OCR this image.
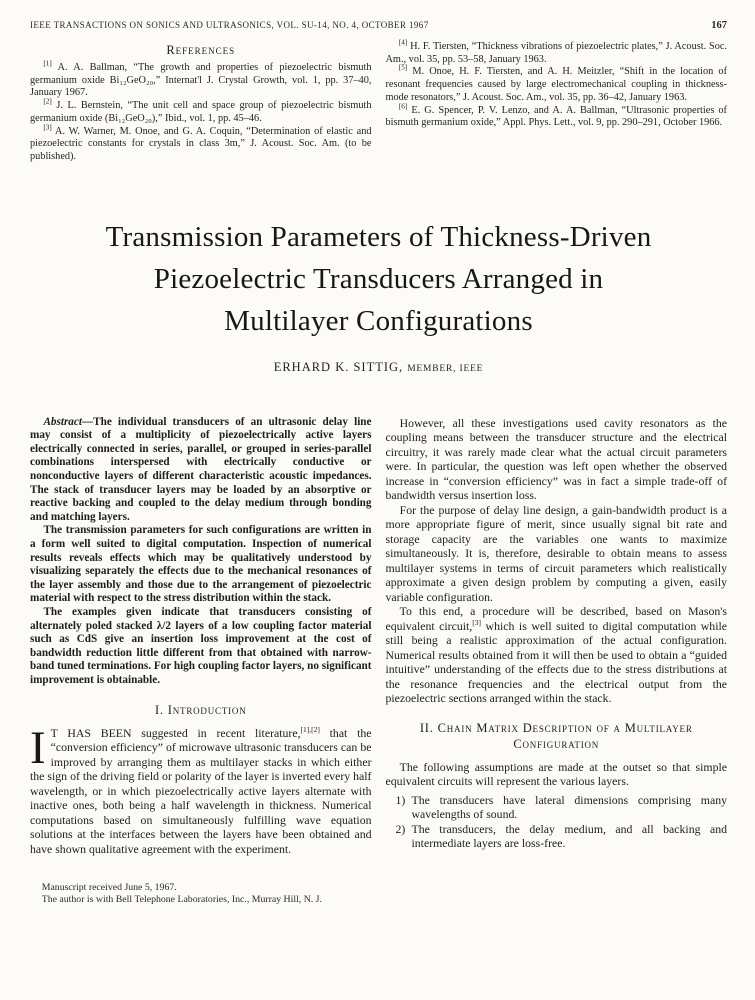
IEEE TRANSACTIONS ON SONICS AND ULTRASONICS, VOL. SU-14, NO. 4, OCTOBER 1967	167
References

[1] A. A. Ballman, “The growth and properties of piezoelectric bismuth germanium oxide Bi₁₂GeO₂₀,” Internat'l J. Crystal Growth, vol. 1, pp. 37–40, January 1967.

[2] J. L. Bernstein, “The unit cell and space group of piezoelectric bismuth germanium oxide (Bi₁₂GeO₂₀),” Ibid., vol. 1, pp. 45–46.

[3] A. W. Warner, M. Onoe, and G. A. Coquin, “Determination of elastic and piezoelectric constants for crystals in class 3m,” J. Acoust. Soc. Am. (to be published).

[4] H. F. Tiersten, “Thickness vibrations of piezoelectric plates,” J. Acoust. Soc. Am., vol. 35, pp. 53–58, January 1963.

[5] M. Onoe, H. F. Tiersten, and A. H. Meitzler, “Shift in the location of resonant frequencies caused by large electromechanical coupling in thickness-mode resonators,” J. Acoust. Soc. Am., vol. 35, pp. 36–42, January 1963.

[6] E. G. Spencer, P. V. Lenzo, and A. A. Ballman, “Ultrasonic properties of bismuth germanium oxide,” Appl. Phys. Lett., vol. 9, pp. 290–291, October 1966.

Transmission Parameters of Thickness-Driven
Piezoelectric Transducers Arranged in
Multilayer Configurations
ERHARD K. SITTIG, MEMBER, IEEE

Abstract—The individual transducers of an ultrasonic delay line may consist of a multiplicity of piezoelectrically active layers electrically connected in series, parallel, or grouped in series-parallel combinations interspersed with electrically conductive or nonconductive layers of different characteristic acoustic impedances. The stack of transducer layers may be loaded by an absorptive or reactive backing and coupled to the delay medium through bonding and matching layers.

The transmission parameters for such configurations are written in a form well suited to digital computation. Inspection of numerical results reveals effects which may be qualitatively understood by visualizing separately the effects due to the mechanical resonances of the layer assembly and those due to the arrangement of piezoelectric material with respect to the stress distribution within the stack.

The examples given indicate that transducers consisting of alternately poled stacked λ/2 layers of a low coupling factor material such as CdS give an insertion loss improvement at the cost of bandwidth reduction little different from that obtained with narrow-band tuned terminations. For high coupling factor layers, no significant improvement is obtainable.

I. Introduction

I T HAS BEEN suggested in recent literature,[1],[2] that the “conversion efficiency” of microwave ultrasonic transducers can be improved by arranging them as multilayer stacks in which either the sign of the driving field or polarity of the layer is inverted every half wavelength, or in which piezoelectrically active layers alternate with inactive ones, both being a half wavelength in thickness. Numerical computations based on simultaneously fulfilling wave equation solutions at the interfaces between the layers have been obtained and have shown qualitative agreement with the experiment.

Manuscript received June 5, 1967.

The author is with Bell Telephone Laboratories, Inc., Murray Hill, N. J.

However, all these investigations used cavity resonators as the coupling means between the transducer structure and the electrical circuitry, it was rarely made clear what the actual circuit parameters were. In particular, the question was left open whether the observed increase in “conversion efficiency” was in fact a simple trade-off of bandwidth versus insertion loss.

For the purpose of delay line design, a gain-bandwidth product is a more appropriate figure of merit, since usually signal bit rate and storage capacity are the variables one wants to maximize simultaneously. It is, therefore, desirable to obtain means to assess multilayer systems in terms of circuit parameters which realistically approximate a given design problem by computing a given, easily variable configuration.

To this end, a procedure will be described, based on Mason's equivalent circuit,[3] which is well suited to digital computation while still being a realistic approximation of the actual configuration. Numerical results obtained from it will then be used to obtain a “guided intuitive” understanding of the effects due to the stress distributions at the resonance frequencies and the electrical output from the piezoelectric sections arranged within the stack.

II. Chain Matrix Description of a Multilayer Configuration

The following assumptions are made at the outset so that simple equivalent circuits will represent the various layers.

1) The transducers have lateral dimensions comprising many wavelengths of sound.
2) The transducers, the delay medium, and all backing and intermediate layers are loss-free.
